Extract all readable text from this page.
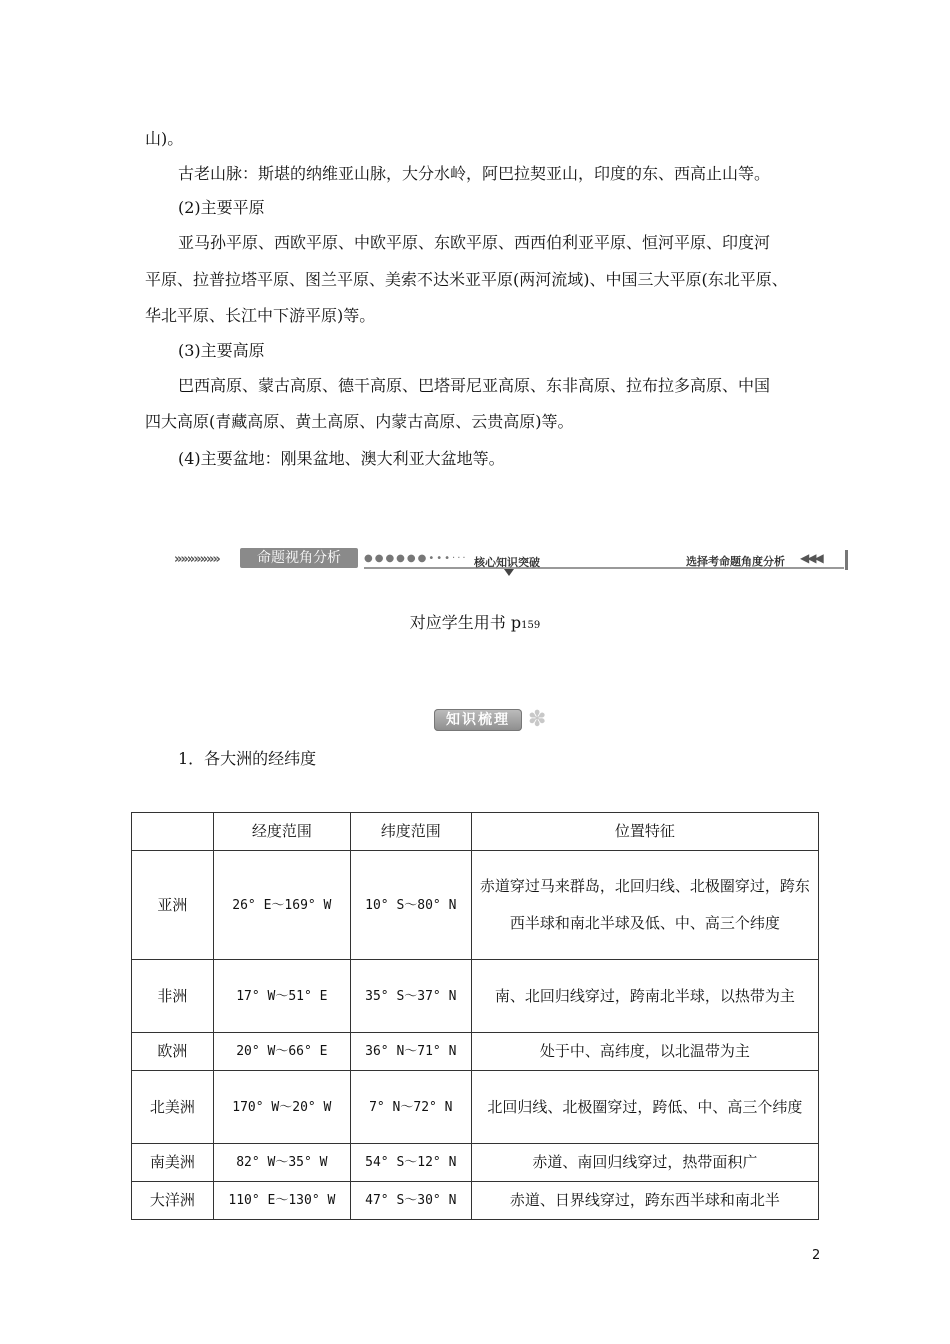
山)。
古老山脉：斯堪的纳维亚山脉，大分水岭，阿巴拉契亚山，印度的东、西高止山等。
(2)主要平原
亚马孙平原、西欧平原、中欧平原、东欧平原、西西伯利亚平原、恒河平原、印度河
平原、拉普拉塔平原、图兰平原、美索不达米亚平原(两河流域)、中国三大平原(东北平原、
华北平原、长江中下游平原)等。
(3)主要高原
巴西高原、蒙古高原、德干高原、巴塔哥尼亚高原、东非高原、拉布拉多高原、中国
四大高原(青藏高原、黄土高原、内蒙古高原、云贵高原)等。
(4)主要盆地：刚果盆地、澳大利亚大盆地等。
»»»»»»»	命题视角分析	●●●●●●•••··· 核心知识突破	选择考命题角度分析 ◀◀◀
对应学生用书 p159
知识梳理 ✽
1．各大洲的经纬度
	经度范围	纬度范围	位置特征
亚洲	26° E～169° W	10° S～80° N	赤道穿过马来群岛，北回归线、北极圈穿过，跨东西半球和南北半球及低、中、高三个纬度
非洲	17° W～51° E	35° S～37° N	南、北回归线穿过，跨南北半球，以热带为主
欧洲	20° W～66° E	36° N～71° N	处于中、高纬度，以北温带为主
北美洲	170° W～20° W	7° N～72° N	北回归线、北极圈穿过，跨低、中、高三个纬度
南美洲	82° W～35° W	54° S～12° N	赤道、南回归线穿过，热带面积广
大洋洲	110° E～130° W	47° S～30° N	赤道、日界线穿过，跨东西半球和南北半
2
